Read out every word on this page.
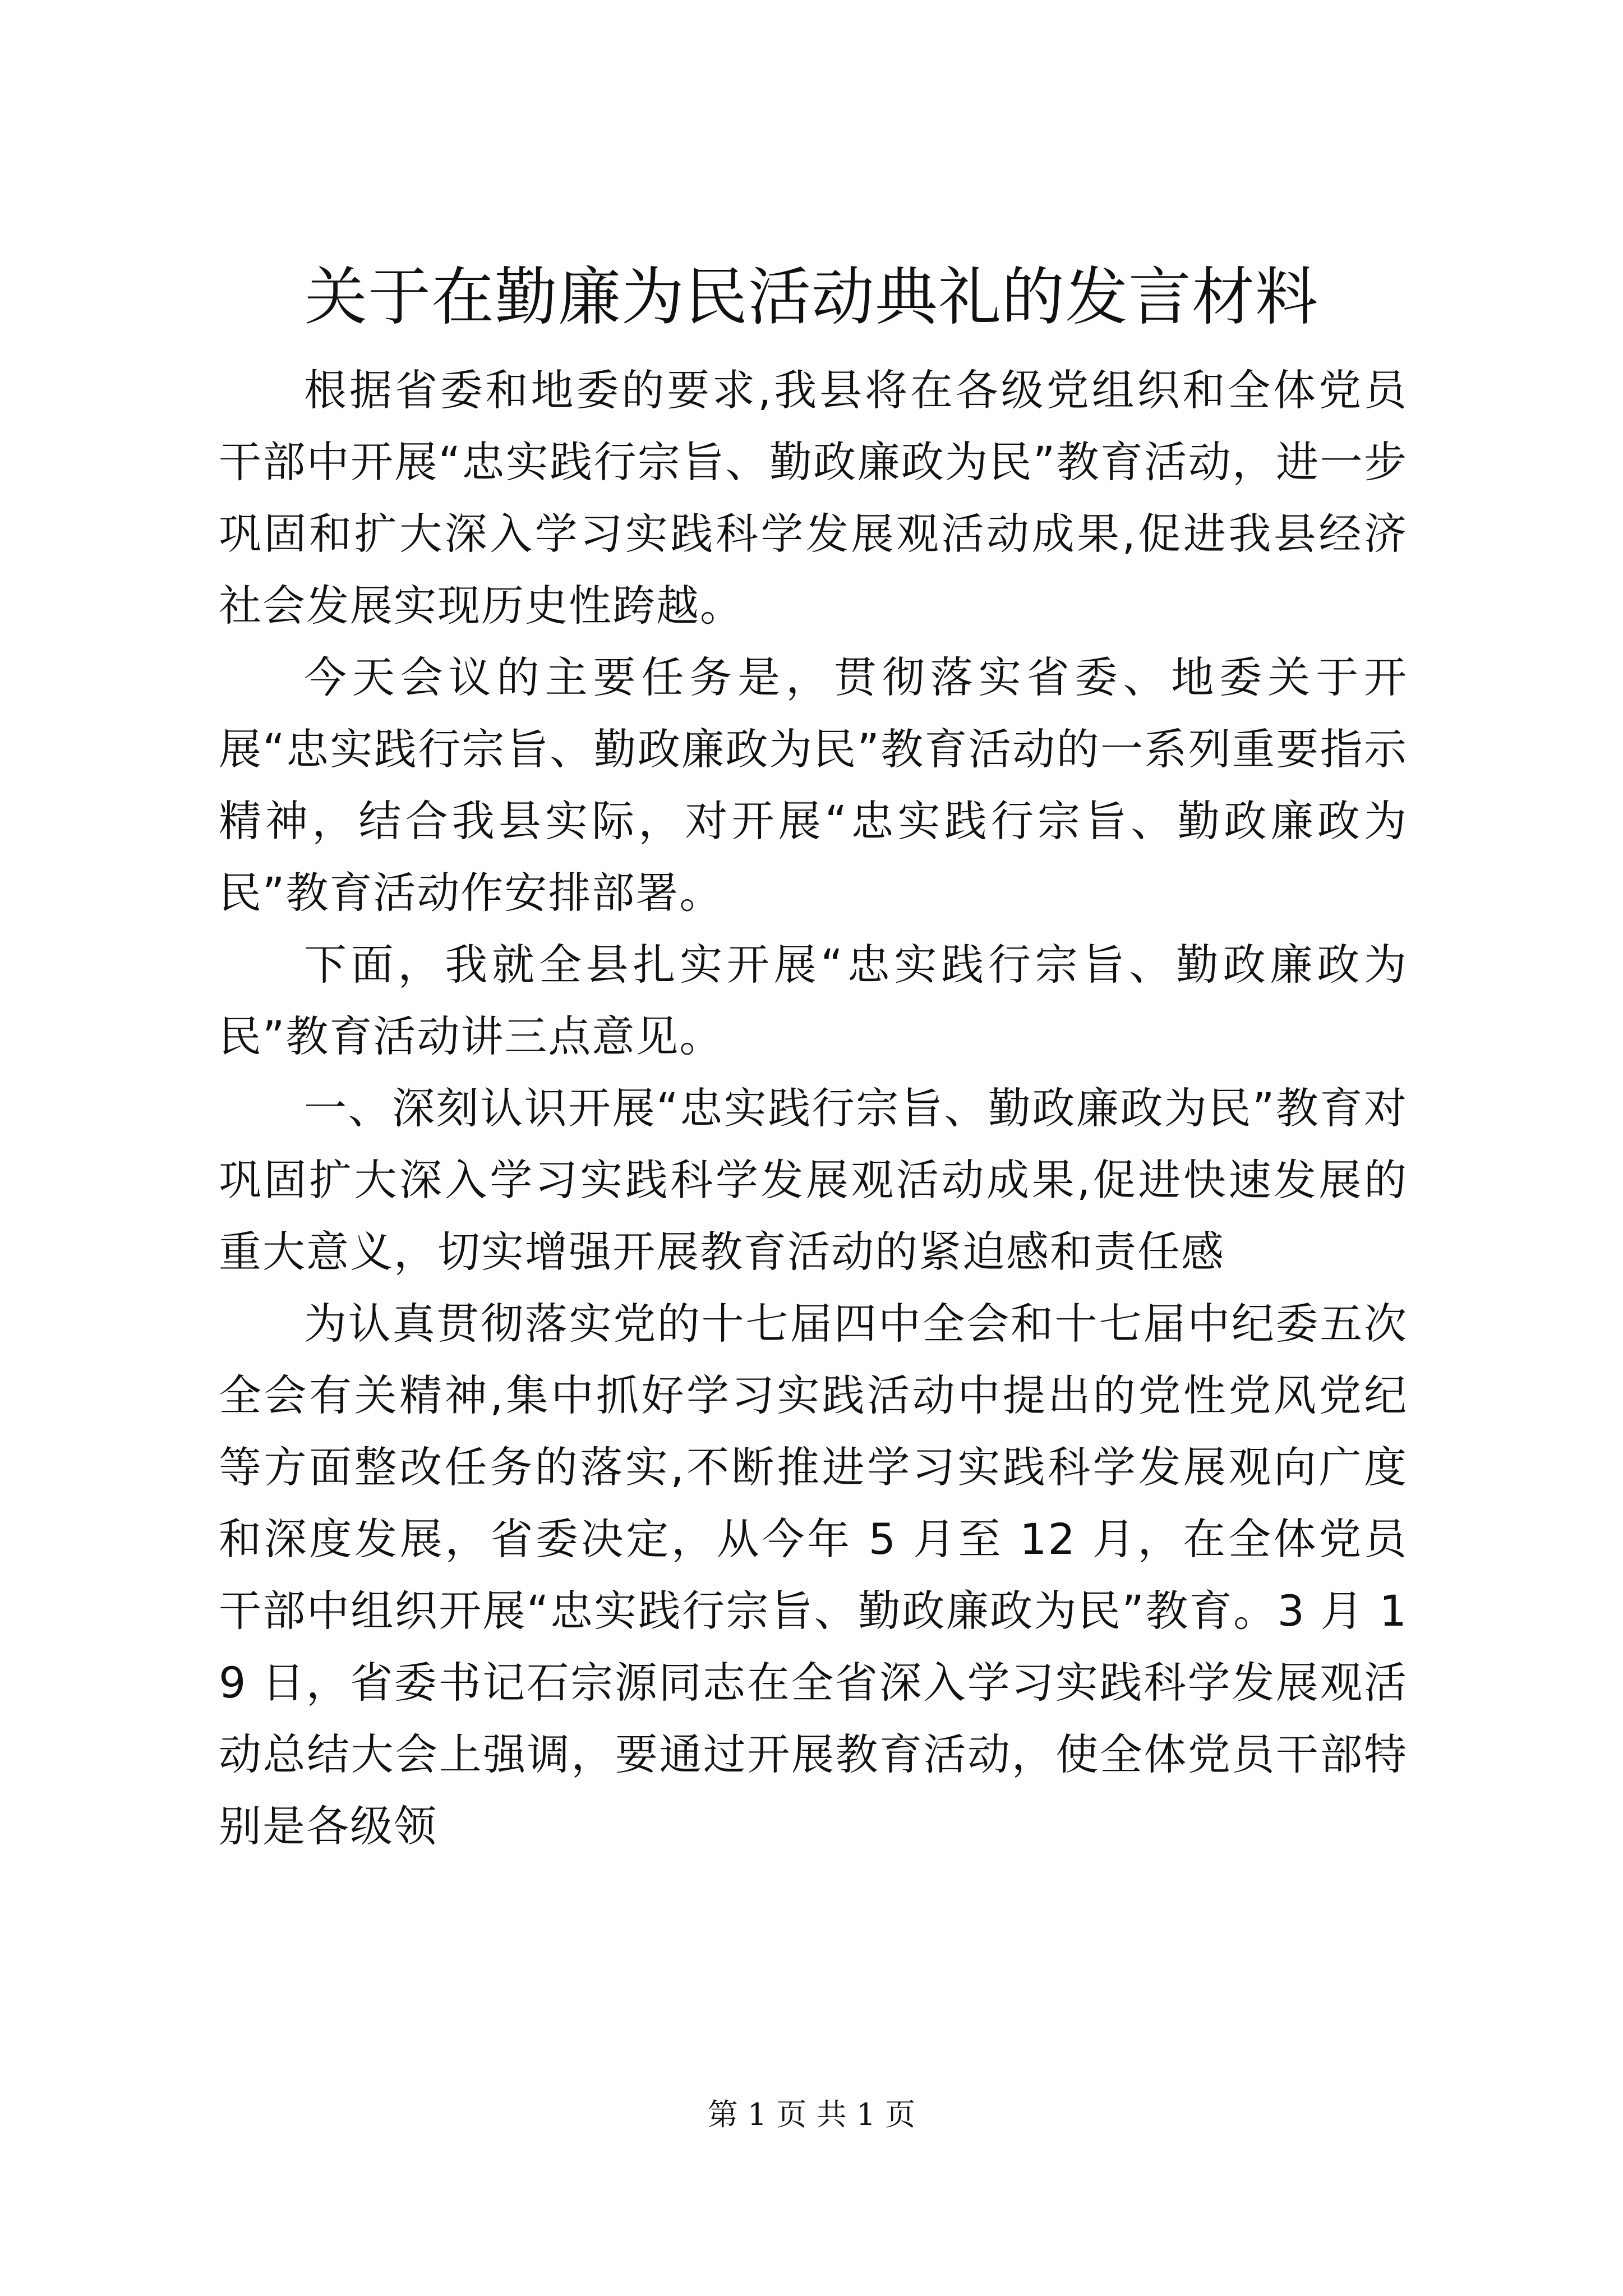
关于在勤廉为民活动典礼的发言材料

根据省委和地委的要求,我县将在各级党组织和全体党员干部中开展“忠实践行宗旨、勤政廉政为民”教育活动，进一步巩固和扩大深入学习实践科学发展观活动成果,促进我县经济社会发展实现历史性跨越。

今天会议的主要任务是，贯彻落实省委、地委关于开展“忠实践行宗旨、勤政廉政为民”教育活动的一系列重要指示精神，结合我县实际，对开展“忠实践行宗旨、勤政廉政为民”教育活动作安排部署。

下面，我就全县扎实开展“忠实践行宗旨、勤政廉政为民”教育活动讲三点意见。

一、深刻认识开展“忠实践行宗旨、勤政廉政为民”教育对巩固扩大深入学习实践科学发展观活动成果,促进快速发展的重大意义，切实增强开展教育活动的紧迫感和责任感

为认真贯彻落实党的十七届四中全会和十七届中纪委五次全会有关精神,集中抓好学习实践活动中提出的党性党风党纪等方面整改任务的落实,不断推进学习实践科学发展观向广度和深度发展，省委决定，从今年 5 月至 12 月，在全体党员干部中组织开展“忠实践行宗旨、勤政廉政为民”教育。3 月 19 日，省委书记石宗源同志在全省深入学习实践科学发展观活动总结大会上强调，要通过开展教育活动，使全体党员干部特别是各级领

第 1 页 共 1 页
